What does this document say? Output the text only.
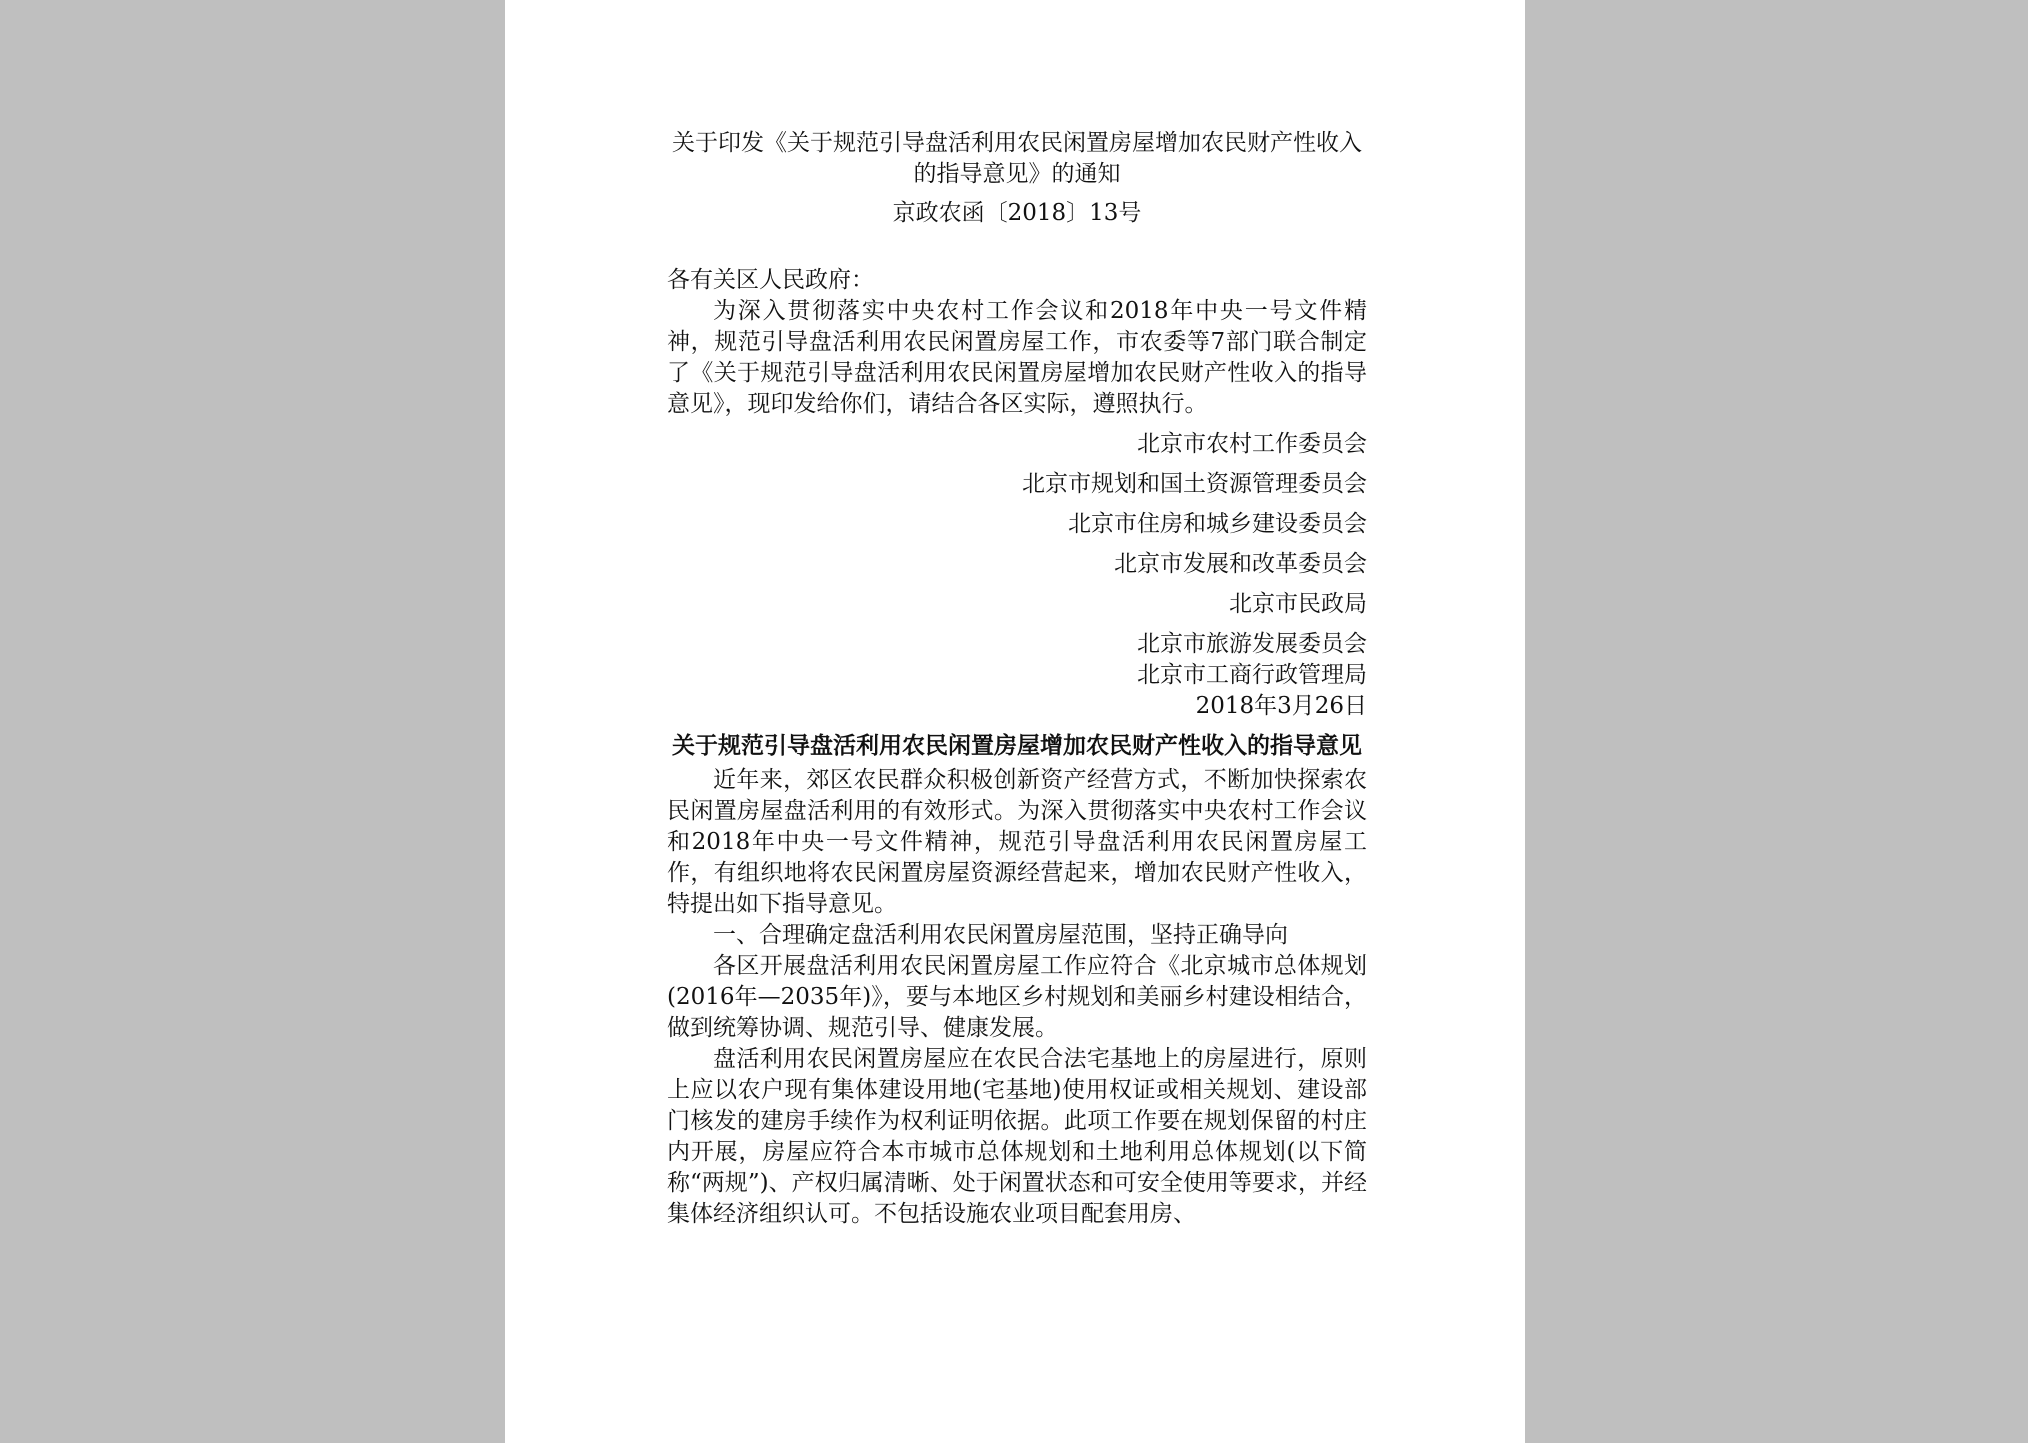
关于印发《关于规范引导盘活利用农民闲置房屋增加农民财产性收入的指导意见》的通知
京政农函〔2018〕13号

各有关区人民政府：

为深入贯彻落实中央农村工作会议和2018年中央一号文件精神，规范引导盘活利用农民闲置房屋工作，市农委等7部门联合制定了《关于规范引导盘活利用农民闲置房屋增加农民财产性收入的指导意见》，现印发给你们，请结合各区实际，遵照执行。

北京市农村工作委员会

北京市规划和国土资源管理委员会

北京市住房和城乡建设委员会

北京市发展和改革委员会

北京市民政局

北京市旅游发展委员会

北京市工商行政管理局

2018年3月26日

关于规范引导盘活利用农民闲置房屋增加农民财产性收入的指导意见

近年来，郊区农民群众积极创新资产经营方式，不断加快探索农民闲置房屋盘活利用的有效形式。为深入贯彻落实中央农村工作会议和2018年中央一号文件精神，规范引导盘活利用农民闲置房屋工作，有组织地将农民闲置房屋资源经营起来，增加农民财产性收入，特提出如下指导意见。

一、合理确定盘活利用农民闲置房屋范围，坚持正确导向

各区开展盘活利用农民闲置房屋工作应符合《北京城市总体规划(2016年—2035年)》，要与本地区乡村规划和美丽乡村建设相结合，做到统筹协调、规范引导、健康发展。

盘活利用农民闲置房屋应在农民合法宅基地上的房屋进行，原则上应以农户现有集体建设用地(宅基地)使用权证或相关规划、建设部门核发的建房手续作为权利证明依据。此项工作要在规划保留的村庄内开展，房屋应符合本市城市总体规划和土地利用总体规划(以下简称“两规”)、产权归属清晰、处于闲置状态和可安全使用等要求，并经集体经济组织认可。不包括设施农业项目配套用房、
